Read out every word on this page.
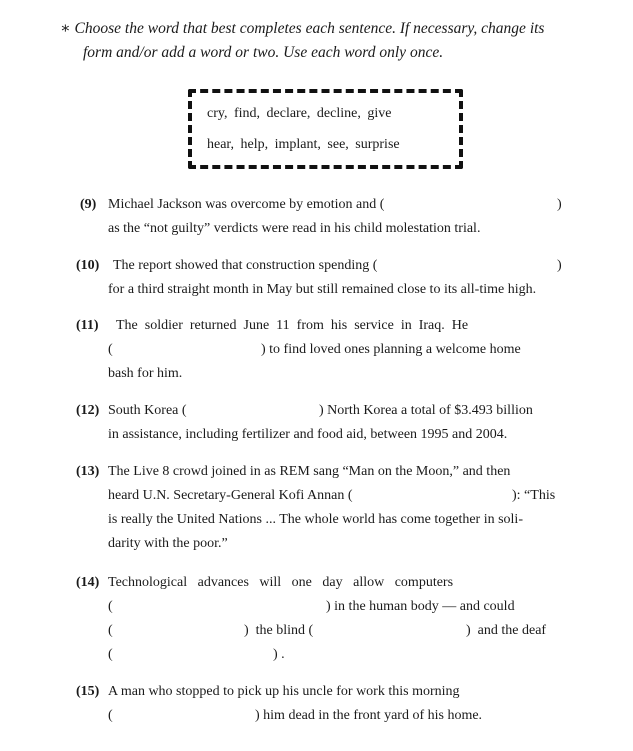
∗ Choose the word that best completes each sentence. If necessary, change its
form and/or add a word or two. Use each word only once.
cry, find, declare, decline, give
hear, help, implant, see, surprise
(9) Michael Jackson was overcome by emotion and (	)
as the “not guilty” verdicts were read in his child molestation trial.
(10) The report showed that construction spending (	)
for a third straight month in May but still remained close to its all-time high.
(11) The  soldier  returned  June  11  from  his  service  in  Iraq.  He
(	) to find loved ones planning a welcome home
bash for him.
(12) South Korea (	) North Korea a total of $3.493 billion
in assistance, including fertilizer and food aid, between 1995 and 2004.
(13) The Live 8 crowd joined in as REM sang “Man on the Moon,” and then
heard U.N. Secretary-General Kofi Annan (	): “This
is really the United Nations ... The whole world has come together in soli-
darity with the poor.”
(14) Technological   advances   will   one   day   allow   computers
(	) in the human body — and could
(	)  the blind (	)  and the deaf
(	) .
(15) A man who stopped to pick up his uncle for work this morning
(	) him dead in the front yard of his home.
